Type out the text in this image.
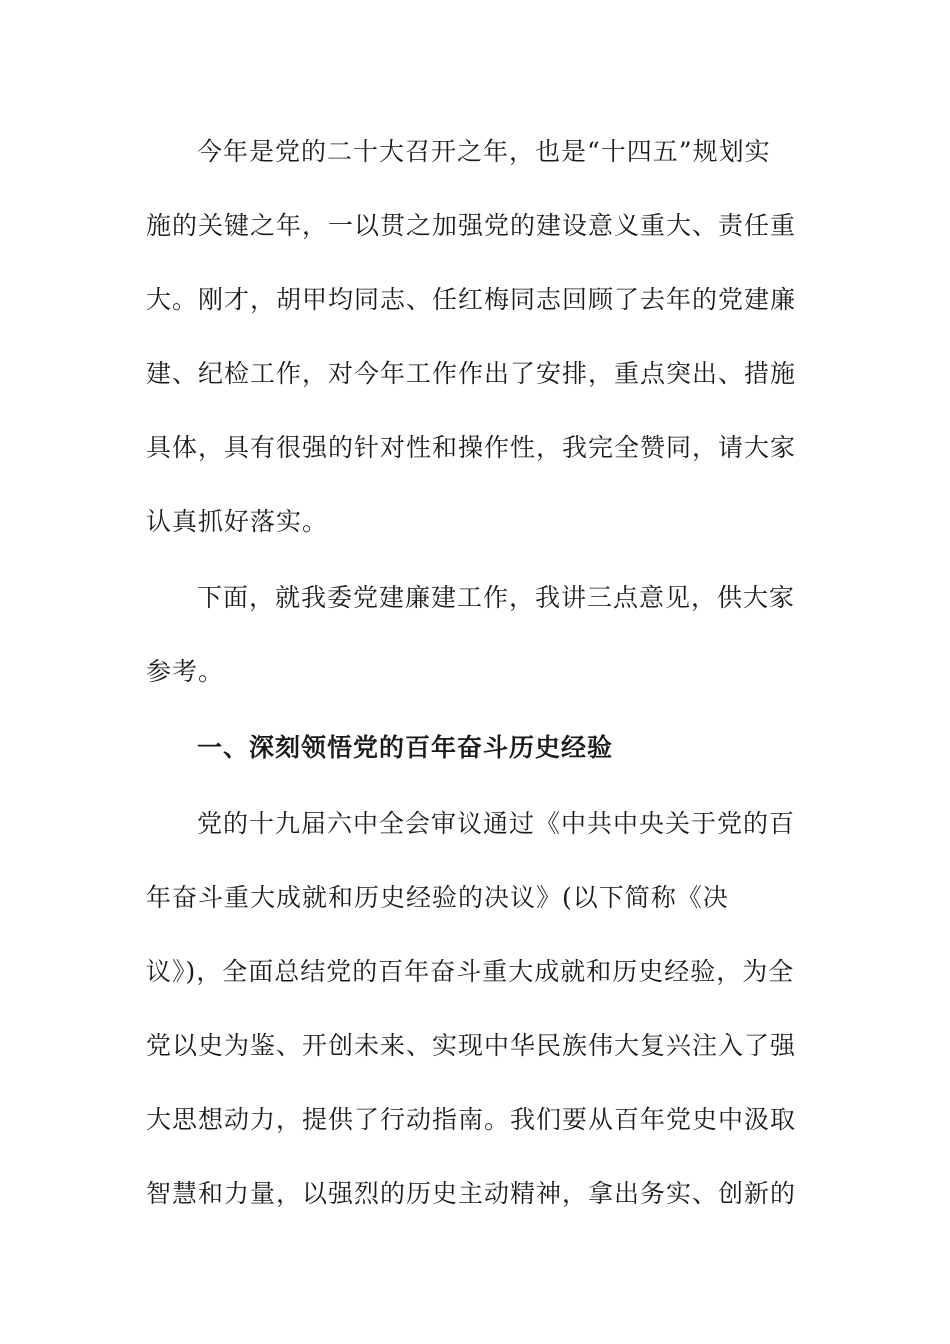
今年是党的二十大召开之年，也是“十四五”规划实
施的关键之年，一以贯之加强党的建设意义重大、责任重
大。刚才，胡甲均同志、任红梅同志回顾了去年的党建廉
建、纪检工作，对今年工作作出了安排，重点突出、措施
具体，具有很强的针对性和操作性，我完全赞同，请大家
认真抓好落实。
下面，就我委党建廉建工作，我讲三点意见，供大家
参考。
一、深刻领悟党的百年奋斗历史经验
党的十九届六中全会审议通过《中共中央关于党的百
年奋斗重大成就和历史经验的决议》(以下简称《决
议》)，全面总结党的百年奋斗重大成就和历史经验，为全
党以史为鉴、开创未来、实现中华民族伟大复兴注入了强
大思想动力，提供了行动指南。我们要从百年党史中汲取
智慧和力量，以强烈的历史主动精神，拿出务实、创新的
